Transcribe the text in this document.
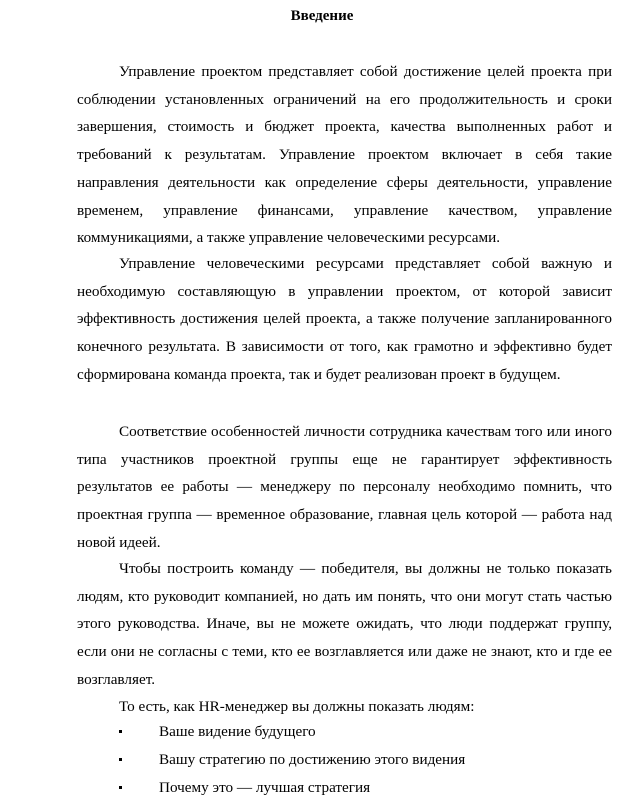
Введение

Управление проектом представляет собой достижение целей проекта при соблюдении установленных ограничений на его продолжительность и сроки завершения, стоимость и бюджет проекта, качества выполненных работ и требований к результатам. Управление проектом включает в себя такие направления деятельности как определение сферы деятельности, управление временем, управление финансами, управление качеством, управление коммуникациями, а также управление человеческими ресурсами.

Управление человеческими ресурсами представляет собой важную и необходимую составляющую в управлении проектом, от которой зависит эффективность достижения целей проекта, а также получение запланированного конечного результата. В зависимости от того, как грамотно и эффективно будет сформирована команда проекта, так и будет реализован проект в будущем.

Соответствие особенностей личности сотрудника качествам того или иного типа участников проектной группы еще не гарантирует эффективность результатов ее работы — менеджеру по персоналу необходимо помнить, что проектная группа — временное образование, главная цель которой — работа над новой идеей.

Чтобы построить команду — победителя, вы должны не только показать людям, кто руководит компанией, но дать им понять, что они могут стать частью этого руководства. Иначе, вы не можете ожидать, что люди поддержат группу, если они не согласны с теми, кто ее возглавляется или даже не знают, кто и где ее возглавляет.

То есть, как HR-менеджер вы должны показать людям:
Ваше видение будущего
Вашу стратегию по достижению этого видения
Почему это — лучшая стратегия
